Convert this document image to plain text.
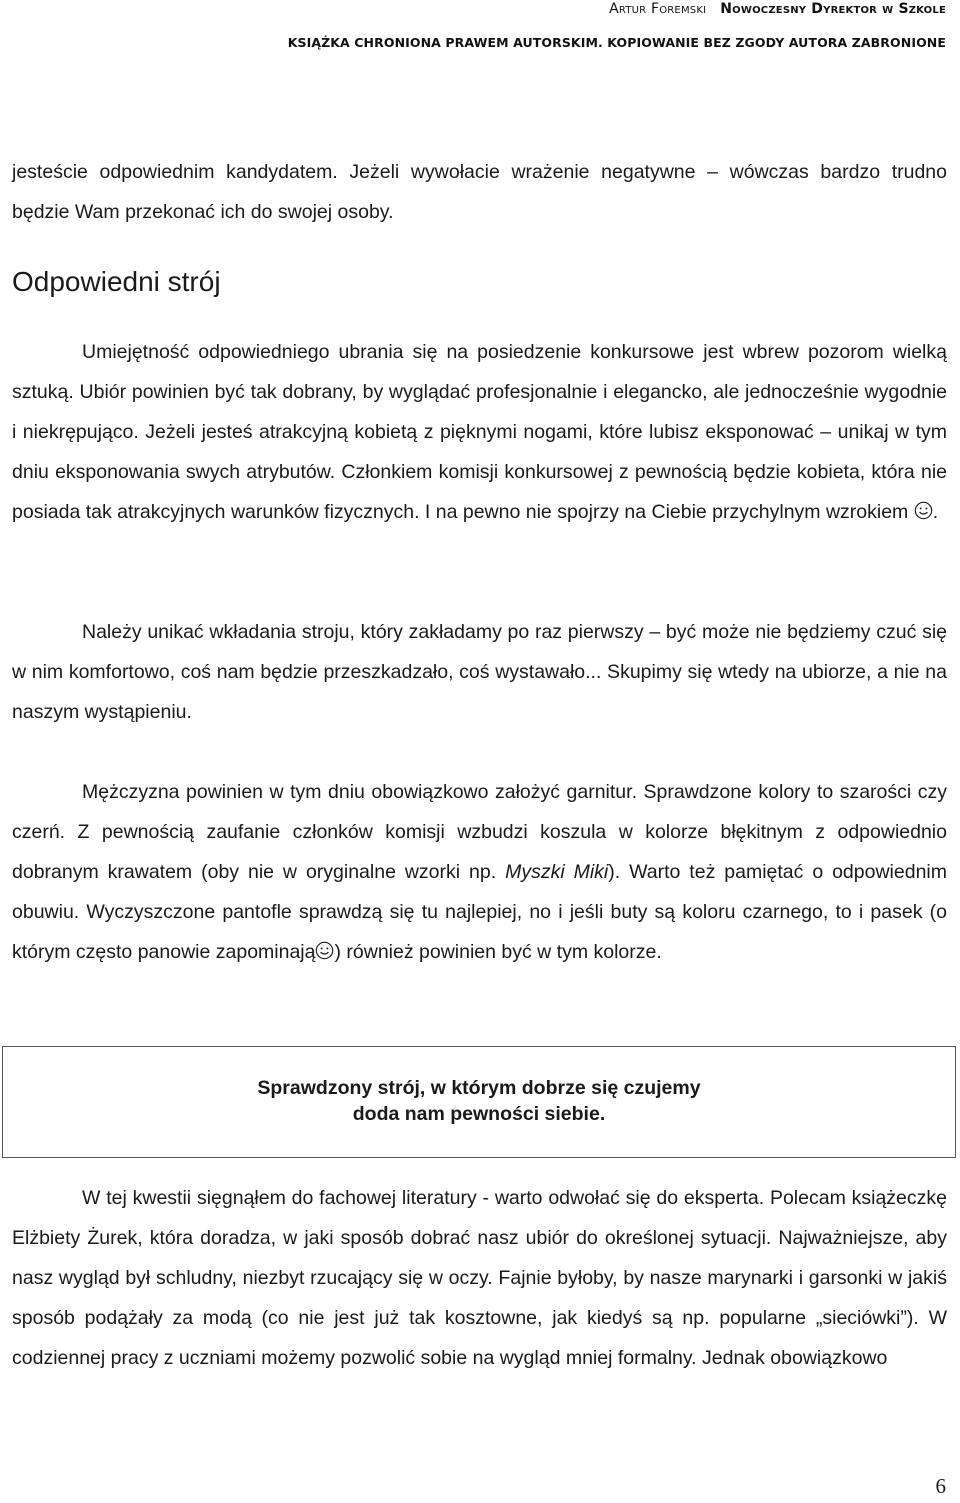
Artur Foremski Nowoczesny Dyrektor w Szkole
KSIĄŻKA CHRONIONA PRAWEM AUTORSKIM. KOPIOWANIE BEZ ZGODY AUTORA ZABRONIONE
jesteście odpowiednim kandydatem. Jeżeli wywołacie wrażenie negatywne – wówczas bardzo trudno będzie Wam przekonać ich do swojej osoby.
Odpowiedni strój
Umiejętność odpowiedniego ubrania się na posiedzenie konkursowe jest wbrew pozorom wielką sztuką. Ubiór powinien być tak dobrany, by wyglądać profesjonalnie i elegancko, ale jednocześnie wygodnie i niekrępująco. Jeżeli jesteś atrakcyjną kobietą z pięknymi nogami, które lubisz eksponować – unikaj w tym dniu eksponowania swych atrybutów. Członkiem komisji konkursowej z pewnością będzie kobieta, która nie posiada tak atrakcyjnych warunków fizycznych. I na pewno nie spojrzy na Ciebie przychylnym wzrokiem .
Należy unikać wkładania stroju, który zakładamy po raz pierwszy – być może nie będziemy czuć się w nim komfortowo, coś nam będzie przeszkadzało, coś wystawało... Skupimy się wtedy na ubiorze, a nie na naszym wystąpieniu.
Mężczyzna powinien w tym dniu obowiązkowo założyć garnitur. Sprawdzone kolory to szarości czy czerń. Z pewnością zaufanie członków komisji wzbudzi koszula w kolorze błękitnym z odpowiednio dobranym krawatem (oby nie w oryginalne wzorki np. Myszki Miki). Warto też pamiętać o odpowiednim obuwiu. Wyczyszczone pantofle sprawdzą się tu najlepiej, no i jeśli buty są koloru czarnego, to i pasek (o którym często panowie zapominają ) również powinien być w tym kolorze.
Sprawdzony strój, w którym dobrze się czujemy
doda nam pewności siebie.
W tej kwestii sięgnąłem do fachowej literatury - warto odwołać się do eksperta. Polecam książeczkę Elżbiety Żurek, która doradza, w jaki sposób dobrać nasz ubiór do określonej sytuacji. Najważniejsze, aby nasz wygląd był schludny, niezbyt rzucający się w oczy. Fajnie byłoby, by nasze marynarki i garsonki w jakiś sposób podążały za modą (co nie jest już tak kosztowne, jak kiedyś są np. popularne „sieciówki”). W codziennej pracy z uczniami możemy pozwolić sobie na wygląd mniej formalny. Jednak obowiązkowo
6
